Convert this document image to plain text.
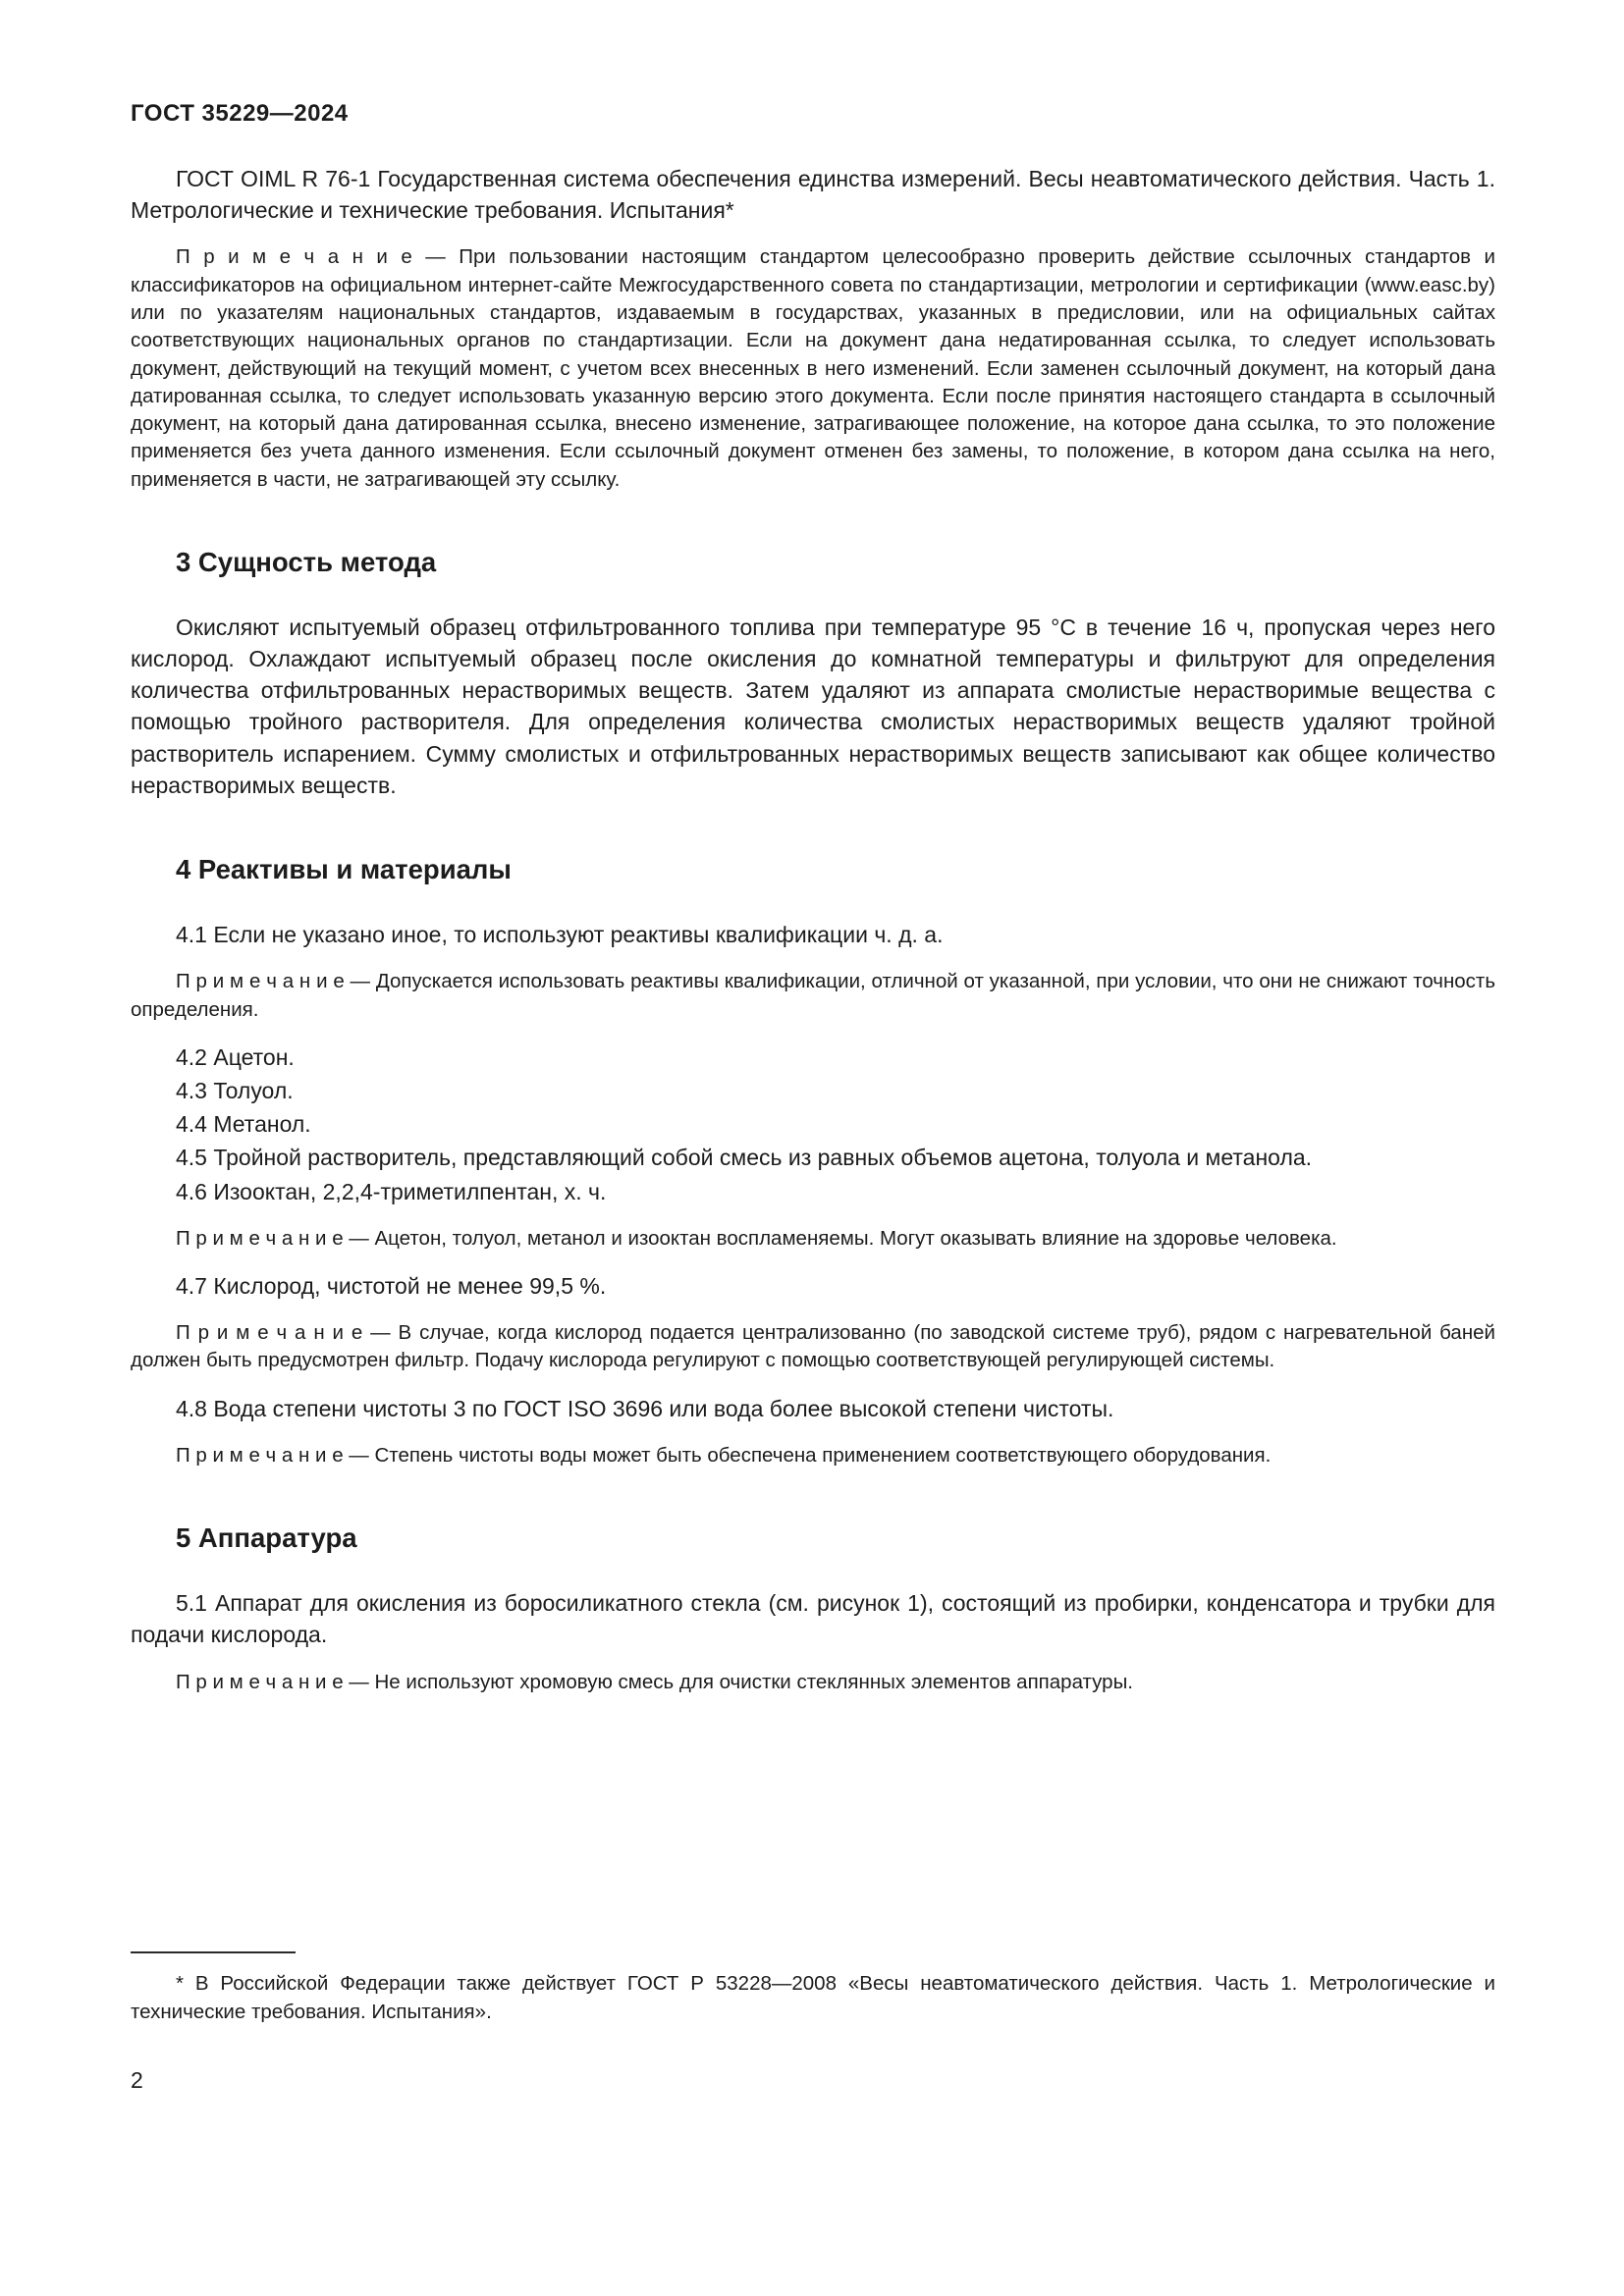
ГОСТ 35229—2024

ГОСТ OIML R 76-1 Государственная система обеспечения единства измерений. Весы неавтоматического действия. Часть 1. Метрологические и технические требования. Испытания*

П р и м е ч а н и е — При пользовании настоящим стандартом целесообразно проверить действие ссылочных стандартов и классификаторов на официальном интернет-сайте Межгосударственного совета по стандартизации, метрологии и сертификации (www.easc.by) или по указателям национальных стандартов, издаваемым в государствах, указанных в предисловии, или на официальных сайтах соответствующих национальных органов по стандартизации. Если на документ дана недатированная ссылка, то следует использовать документ, действующий на текущий момент, с учетом всех внесенных в него изменений. Если заменен ссылочный документ, на который дана датированная ссылка, то следует использовать указанную версию этого документа. Если после принятия настоящего стандарта в ссылочный документ, на который дана датированная ссылка, внесено изменение, затрагивающее положение, на которое дана ссылка, то это положение применяется без учета данного изменения. Если ссылочный документ отменен без замены, то положение, в котором дана ссылка на него, применяется в части, не затрагивающей эту ссылку.

3 Сущность метода

Окисляют испытуемый образец отфильтрованного топлива при температуре 95 °С в течение 16 ч, пропуская через него кислород. Охлаждают испытуемый образец после окисления до комнатной температуры и фильтруют для определения количества отфильтрованных нерастворимых веществ. Затем удаляют из аппарата смолистые нерастворимые вещества с помощью тройного растворителя. Для определения количества смолистых нерастворимых веществ удаляют тройной растворитель испарением. Сумму смолистых и отфильтрованных нерастворимых веществ записывают как общее количество нерастворимых веществ.

4 Реактивы и материалы

4.1 Если не указано иное, то используют реактивы квалификации ч. д. а.

П р и м е ч а н и е — Допускается использовать реактивы квалификации, отличной от указанной, при условии, что они не снижают точность определения.

4.2 Ацетон.

4.3 Толуол.

4.4 Метанол.

4.5 Тройной растворитель, представляющий собой смесь из равных объемов ацетона, толуола и метанола.

4.6 Изооктан, 2,2,4-триметилпентан, х. ч.

П р и м е ч а н и е — Ацетон, толуол, метанол и изооктан воспламеняемы. Могут оказывать влияние на здоровье человека.

4.7 Кислород, чистотой не менее 99,5 %.

П р и м е ч а н и е — В случае, когда кислород подается централизованно (по заводской системе труб), рядом с нагревательной баней должен быть предусмотрен фильтр. Подачу кислорода регулируют с помощью соответствующей регулирующей системы.

4.8 Вода степени чистоты 3 по ГОСТ ISO 3696 или вода более высокой степени чистоты.

П р и м е ч а н и е — Степень чистоты воды может быть обеспечена применением соответствующего оборудования.

5 Аппаратура

5.1 Аппарат для окисления из боросиликатного стекла (см. рисунок 1), состоящий из пробирки, конденсатора и трубки для подачи кислорода.

П р и м е ч а н и е — Не используют хромовую смесь для очистки стеклянных элементов аппаратуры.

* В Российской Федерации также действует ГОСТ Р 53228—2008 «Весы неавтоматического действия. Часть 1. Метрологические и технические требования. Испытания».

2
